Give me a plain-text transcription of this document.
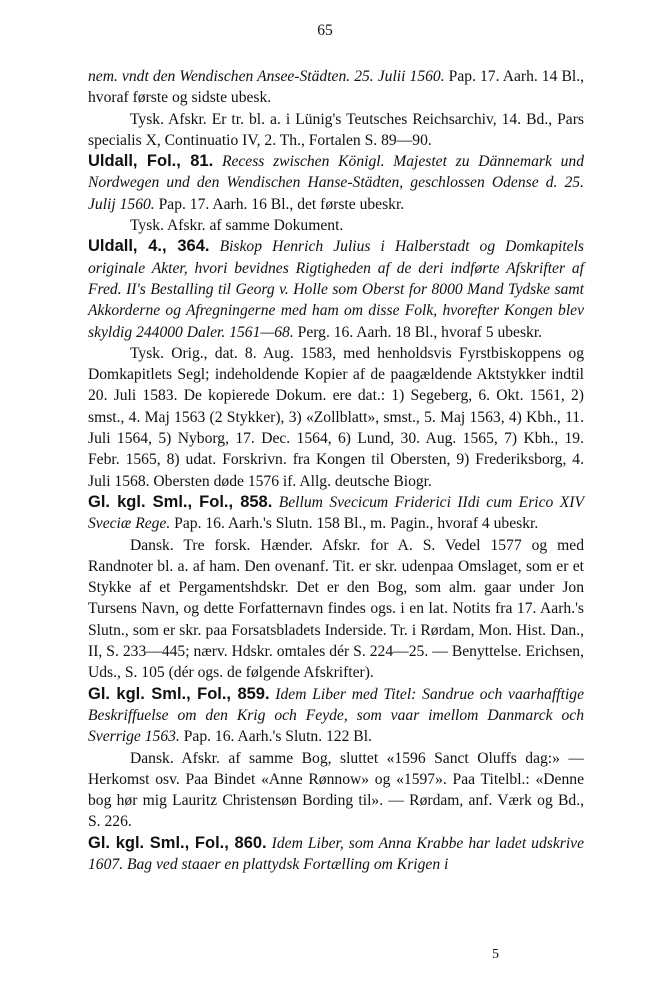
65

nem. vndt den Wendischen Ansee-Städten. 25. Julii 1560. Pap. 17. Aarh. 14 Bl., hvoraf første og sidste ubesk.

Tysk. Afskr. Er tr. bl. a. i Lünig's Teutsches Reichsarchiv, 14. Bd., Pars specialis X, Continuatio IV, 2. Th., Fortalen S. 89—90.

Uldall, Fol., 81. Recess zwischen Königl. Majestet zu Dännemark und Nordwegen und den Wendischen Hanse-Städten, geschlossen Odense d. 25. Julij 1560. Pap. 17. Aarh. 16 Bl., det første ubeskr.

Tysk. Afskr. af samme Dokument.

Uldall, 4., 364. Biskop Henrich Julius i Halberstadt og Domkapitels originale Akter, hvori bevidnes Rigtigheden af de deri indførte Afskrifter af Fred. II's Bestalling til Georg v. Holle som Oberst for 8000 Mand Tydske samt Akkorderne og Afregningerne med ham om disse Folk, hvorefter Kongen blev skyldig 244000 Daler. 1561—68. Perg. 16. Aarh. 18 Bl., hvoraf 5 ubeskr.

Tysk. Orig., dat. 8. Aug. 1583, med henholdsvis Fyrstbiskoppens og Domkapitlets Segl; indeholdende Kopier af de paagældende Aktstykker indtil 20. Juli 1583. De kopierede Dokum. ere dat.: 1) Segeberg, 6. Okt. 1561, 2) smst., 4. Maj 1563 (2 Stykker), 3) «Zollblatt», smst., 5. Maj 1563, 4) Kbh., 11. Juli 1564, 5) Nyborg, 17. Dec. 1564, 6) Lund, 30. Aug. 1565, 7) Kbh., 19. Febr. 1565, 8) udat. Forskrivn. fra Kongen til Obersten, 9) Frederiksborg, 4. Juli 1568. Obersten døde 1576 if. Allg. deutsche Biogr.

Gl. kgl. Sml., Fol., 858. Bellum Svecicum Friderici IIdi cum Erico XIV Sveciæ Rege. Pap. 16. Aarh.'s Slutn. 158 Bl., m. Pagin., hvoraf 4 ubeskr.

Dansk. Tre forsk. Hænder. Afskr. for A. S. Vedel 1577 og med Randnoter bl. a. af ham. Den ovenanf. Tit. er skr. udenpaa Omslaget, som er et Stykke af et Pergamentshdskr. Det er den Bog, som alm. gaar under Jon Tursens Navn, og dette Forfatternavn findes ogs. i en lat. Notits fra 17. Aarh.'s Slutn., som er skr. paa Forsatsbladets Inderside. Tr. i Rørdam, Mon. Hist. Dan., II, S. 233—445; nærv. Hdskr. omtales dér S. 224—25. — Benyttelse. Erichsen, Uds., S. 105 (dér ogs. de følgende Afskrifter).

Gl. kgl. Sml., Fol., 859. Idem Liber med Titel: Sandrue och vaarhafftige Beskriffuelse om den Krig och Feyde, som vaar imellom Danmarck och Sverrige 1563. Pap. 16. Aarh.'s Slutn. 122 Bl.

Dansk. Afskr. af samme Bog, sluttet «1596 Sanct Oluffs dag:» — Herkomst osv. Paa Bindet «Anne Rønnow» og «1597». Paa Titelbl.: «Denne bog hør mig Lauritz Christensøn Bording til». — Rørdam, anf. Værk og Bd., S. 226.

Gl. kgl. Sml., Fol., 860. Idem Liber, som Anna Krabbe har ladet udskrive 1607. Bag ved staaer en plattydsk Fortælling om Krigen i

5
